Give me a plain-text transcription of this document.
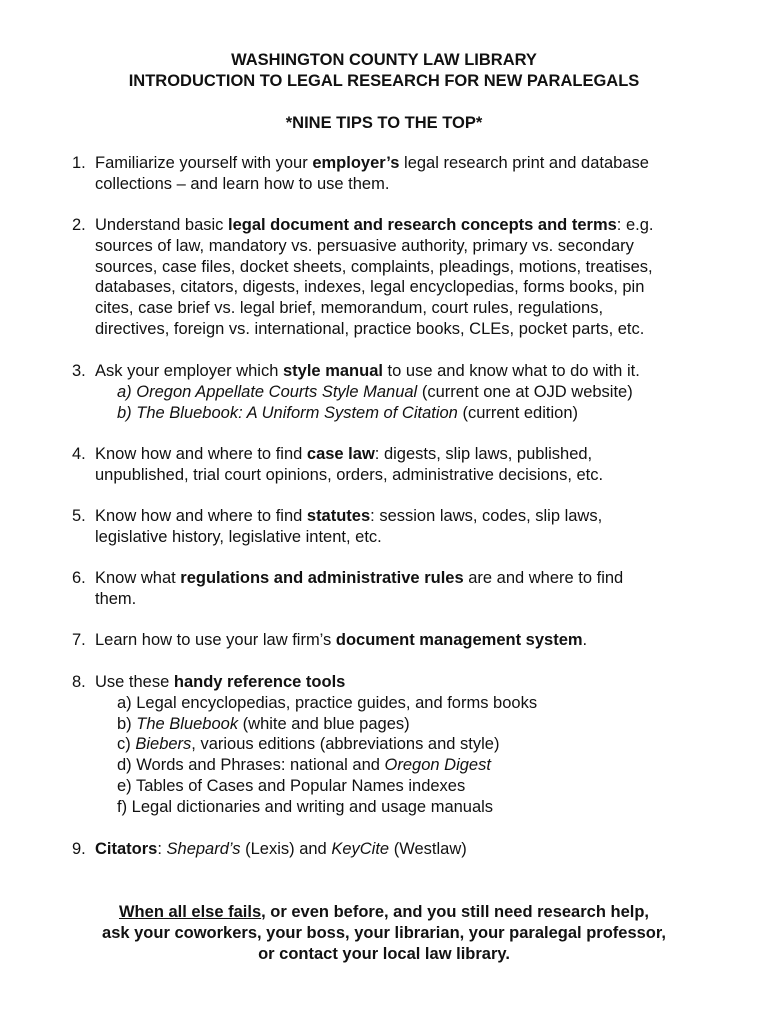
WASHINGTON COUNTY LAW LIBRARY
INTRODUCTION TO LEGAL RESEARCH FOR NEW PARALEGALS
*NINE TIPS TO THE TOP*
1. Familiarize yourself with your employer’s legal research print and database
collections – and learn how to use them.
2. Understand basic legal document and research concepts and terms: e.g.
sources of law, mandatory vs. persuasive authority, primary vs. secondary
sources, case files, docket sheets, complaints, pleadings, motions, treatises,
databases, citators, digests, indexes, legal encyclopedias, forms books, pin
cites, case brief vs. legal brief, memorandum, court rules, regulations,
directives, foreign vs. international, practice books, CLEs, pocket parts, etc.
3. Ask your employer which style manual to use and know what to do with it.
a) Oregon Appellate Courts Style Manual (current one at OJD website)
b) The Bluebook: A Uniform System of Citation (current edition)
4. Know how and where to find case law: digests, slip laws, published,
unpublished, trial court opinions, orders, administrative decisions, etc.
5. Know how and where to find statutes: session laws, codes, slip laws,
legislative history, legislative intent, etc.
6. Know what regulations and administrative rules are and where to find
them.
7. Learn how to use your law firm’s document management system.
8. Use these handy reference tools
a) Legal encyclopedias, practice guides, and forms books
b) The Bluebook (white and blue pages)
c) Biebers, various editions (abbreviations and style)
d) Words and Phrases: national and Oregon Digest
e) Tables of Cases and Popular Names indexes
f) Legal dictionaries and writing and usage manuals
9. Citators: Shepard’s (Lexis) and KeyCite (Westlaw)
When all else fails, or even before, and you still need research help,
ask your coworkers, your boss, your librarian, your paralegal professor,
or contact your local law library.
